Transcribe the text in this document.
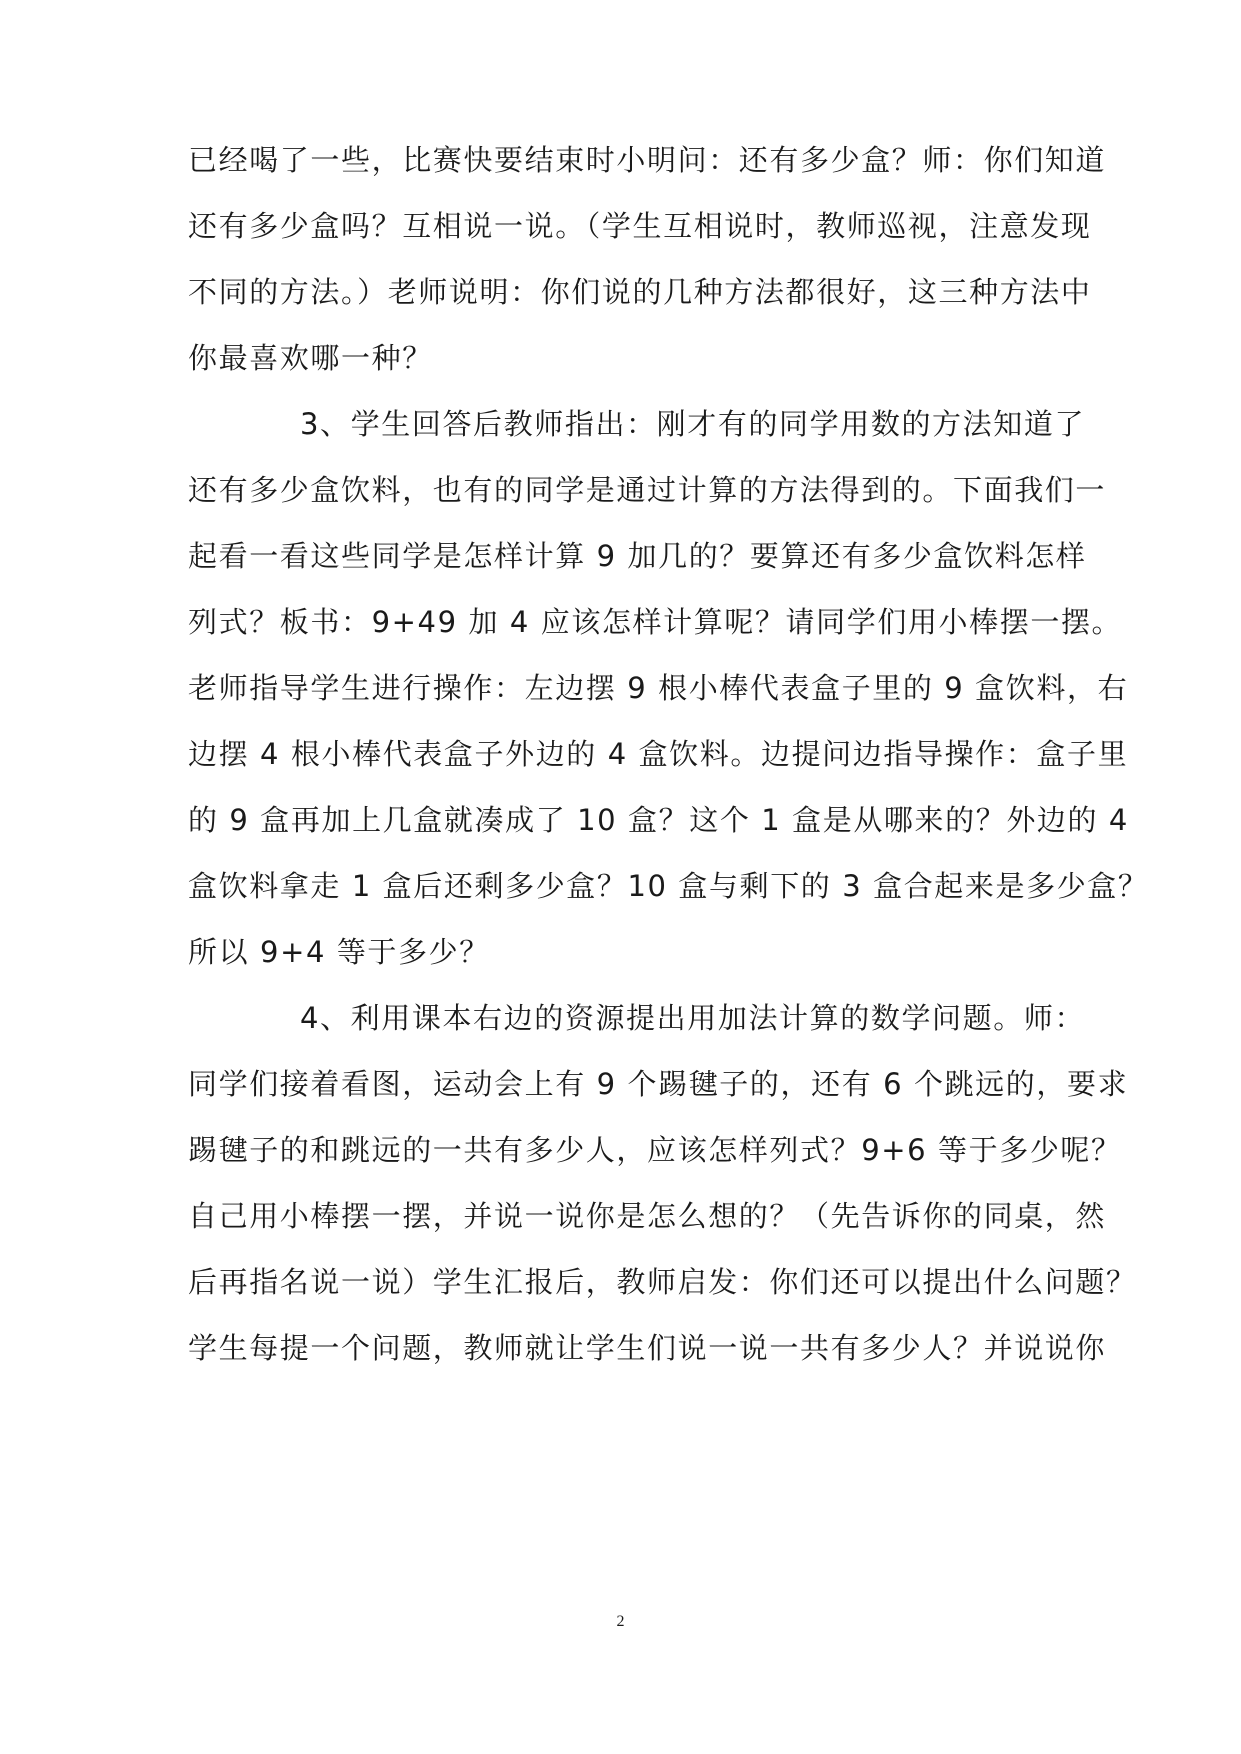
已经喝了一些，比赛快要结束时小明问：还有多少盒？师：你们知道
还有多少盒吗？互相说一说。（学生互相说时，教师巡视，注意发现
不同的方法。）老师说明：你们说的几种方法都很好，这三种方法中
你最喜欢哪一种？
3、学生回答后教师指出：刚才有的同学用数的方法知道了
还有多少盒饮料，也有的同学是通过计算的方法得到的。下面我们一
起看一看这些同学是怎样计算 9 加几的？要算还有多少盒饮料怎样
列式？板书：9+49 加 4 应该怎样计算呢？请同学们用小棒摆一摆。
老师指导学生进行操作：左边摆 9 根小棒代表盒子里的 9 盒饮料，右
边摆 4 根小棒代表盒子外边的 4 盒饮料。边提问边指导操作：盒子里
的 9 盒再加上几盒就凑成了 10 盒？这个 1 盒是从哪来的？外边的 4
盒饮料拿走 1 盒后还剩多少盒？10 盒与剩下的 3 盒合起来是多少盒？
所以 9+4 等于多少？
4、利用课本右边的资源提出用加法计算的数学问题。师：
同学们接着看图，运动会上有 9 个踢毽子的，还有 6 个跳远的，要求
踢毽子的和跳远的一共有多少人，应该怎样列式？9+6 等于多少呢？
自己用小棒摆一摆，并说一说你是怎么想的？（先告诉你的同桌，然
后再指名说一说）学生汇报后，教师启发：你们还可以提出什么问题？
学生每提一个问题，教师就让学生们说一说一共有多少人？并说说你
2
